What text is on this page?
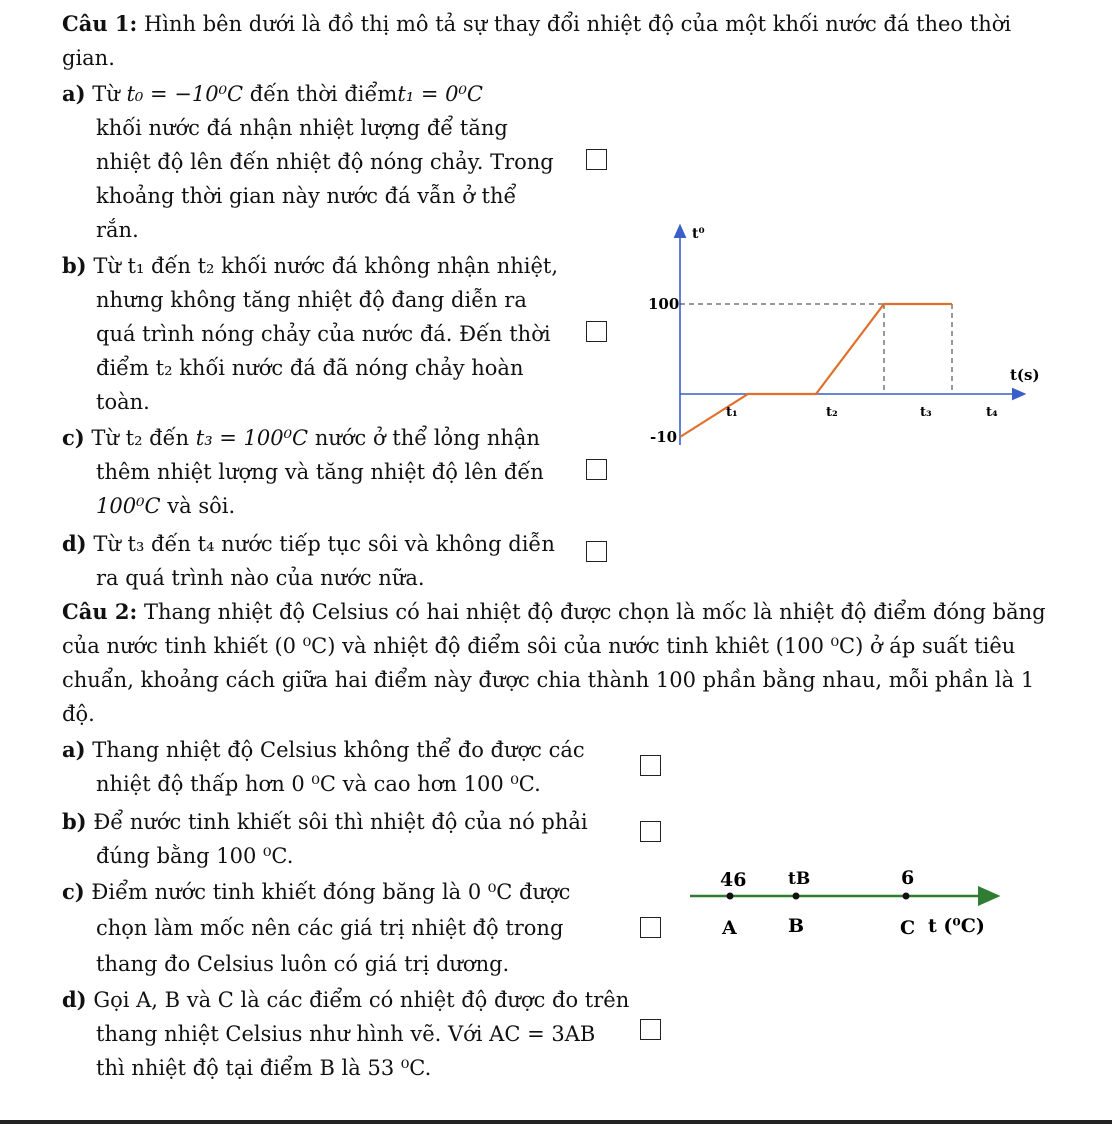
Câu 1: Hình bên dưới là đồ thị mô tả sự thay đổi nhiệt độ của một khối nước đá theo thời
gian.
a) Từ t₀ = −10⁰C đến thời điểmt₁ = 0⁰C
khối nước đá nhận nhiệt lượng để tăng
nhiệt độ lên đến nhiệt độ nóng chảy. Trong
khoảng thời gian này nước đá vẫn ở thể
rắn.
b) Từ t₁ đến t₂ khối nước đá không nhận nhiệt,
nhưng không tăng nhiệt độ đang diễn ra
quá trình nóng chảy của nước đá. Đến thời
điểm t₂ khối nước đá đã nóng chảy hoàn
toàn.
c) Từ t₂ đến t₃ = 100⁰C nước ở thể lỏng nhận
thêm nhiệt lượng và tăng nhiệt độ lên đến
100⁰C và sôi.
d) Từ t₃ đến t₄ nước tiếp tục sôi và không diễn
ra quá trình nào của nước nữa.
t⁰
t(s)
100
-10
t₁	t₂	t₃	t₄
Câu 2: Thang nhiệt độ Celsius có hai nhiệt độ được chọn là mốc là nhiệt độ điểm đóng băng
của nước tinh khiết (0 ⁰C) và nhiệt độ điểm sôi của nước tinh khiêt (100 ⁰C) ở áp suất tiêu
chuẩn, khoảng cách giữa hai điểm này được chia thành 100 phần bằng nhau, mỗi phần là 1
độ.
a) Thang nhiệt độ Celsius không thể đo được các
nhiệt độ thấp hơn 0 ⁰C và cao hơn 100 ⁰C.
b) Để nước tinh khiết sôi thì nhiệt độ của nó phải
đúng bằng 100 ⁰C.
c) Điểm nước tinh khiết đóng băng là 0 ⁰C được
chọn làm mốc nên các giá trị nhiệt độ trong
thang đo Celsius luôn có giá trị dương.
d) Gọi A, B và C là các điểm có nhiệt độ được đo trên
thang nhiệt Celsius như hình vẽ. Với AC = 3AB
thì nhiệt độ tại điểm B là 53 ⁰C.
46 tB	6
A	B	C t (⁰C)
